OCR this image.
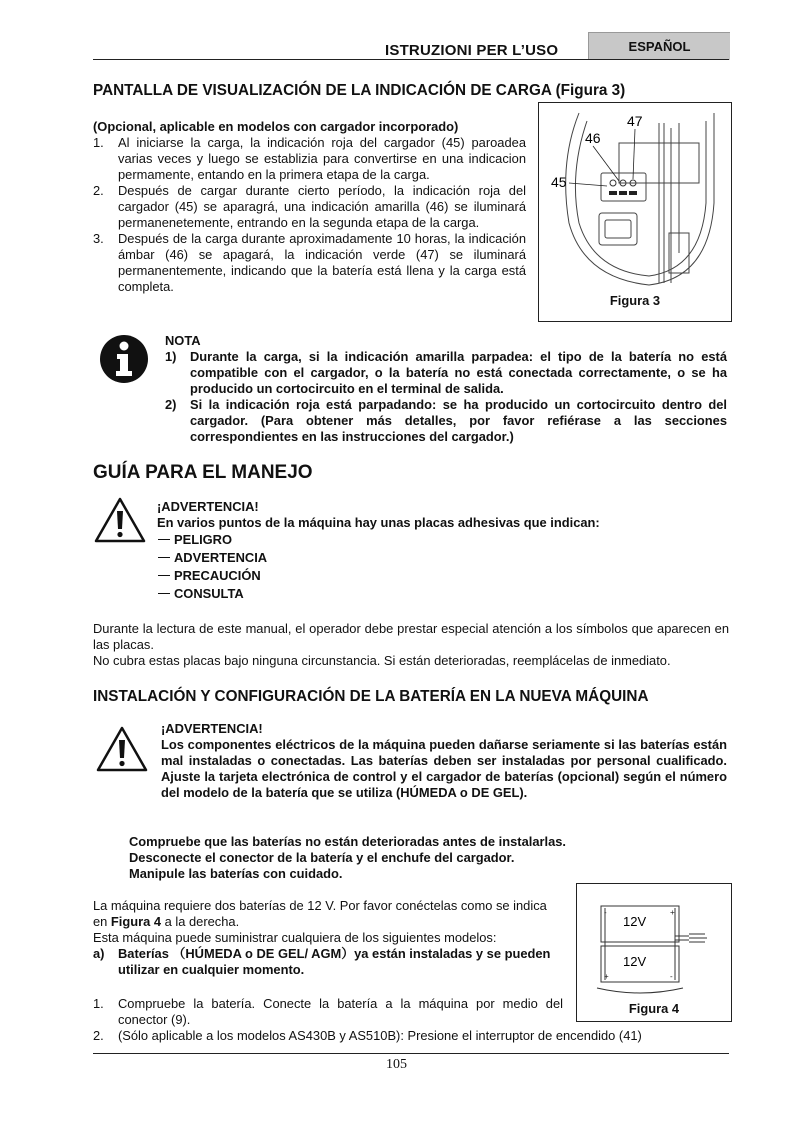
ISTRUZIONI PER L’USO	ESPAÑOL
PANTALLA DE VISUALIZACIÓN DE LA INDICACIÓN DE CARGA (Figura 3)
(Opcional, aplicable en modelos con cargador incorporado)
1. Al iniciarse la carga, la indicación roja del cargador (45) paroadea varias veces y luego se establizia para convertirse en una indicacion permamente, entando en la primera etapa de la carga.
2. Después de cargar durante cierto período, la indicación roja del cargador (45) se aparagrá, una indicación amarilla (46) se iluminará permanenetemente, entrando en la segunda etapa de la carga.
3. Después de la carga durante aproximadamente 10 horas, la indicación ámbar (46) se apagará, la indicación verde (47) se iluminará permanentemente, indicando que la batería está llena y la carga está completa.
46
47
45
Figura 3
NOTA
1) Durante la carga, si la indicación amarilla parpadea: el tipo de la batería no está compatible con el cargador, o la batería no está conectada correctamente, o se ha producido un cortocircuito en el terminal de salida.
2) Si la indicación roja está parpadando: se ha producido un cortocircuito dentro del cargador. (Para obtener más detalles, por favor refiérase a las secciones correspondientes en las instrucciones del cargador.)
GUÍA PARA EL MANEJO
¡ADVERTENCIA!
En varios puntos de la máquina hay unas placas adhesivas que indican:
PELIGRO
ADVERTENCIA
PRECAUCIÓN
CONSULTA
Durante la lectura de este manual, el operador debe prestar especial atención a los símbolos que aparecen en las placas.
No cubra estas placas bajo ninguna circunstancia. Si están deterioradas, reemplácelas de inmediato.
INSTALACIÓN Y CONFIGURACIÓN DE LA BATERÍA EN LA NUEVA MÁQUINA
¡ADVERTENCIA!
Los componentes eléctricos de la máquina pueden dañarse seriamente si las baterías están mal instaladas o conectadas. Las baterías deben ser instaladas por personal cualificado. Ajuste la tarjeta electrónica de control y el cargador de baterías (opcional) según el número del modelo de la batería que se utiliza (HÚMEDA o DE GEL).
Compruebe que las baterías no están deterioradas antes de instalarlas.
Desconecte el conector de la batería y el enchufe del cargador.
Manipule las baterías con cuidado.
La máquina requiere dos baterías de 12 V. Por favor conéctelas como se indica
en Figura 4 a la derecha.
Esta máquina puede suministrar cualquiera de los siguientes modelos:
a) Baterías （HÚMEDA o DE GEL/ AGM）ya están instaladas y se pueden utilizar en cualquier momento.
1. Compruebe la batería. Conecte la batería a la máquina por medio del conector (9).
2. (Sólo aplicable a los modelos AS430B y AS510B): Presione el interruptor de encendido (41)
-	+
+	-
12V
12V
Figura 4
105
